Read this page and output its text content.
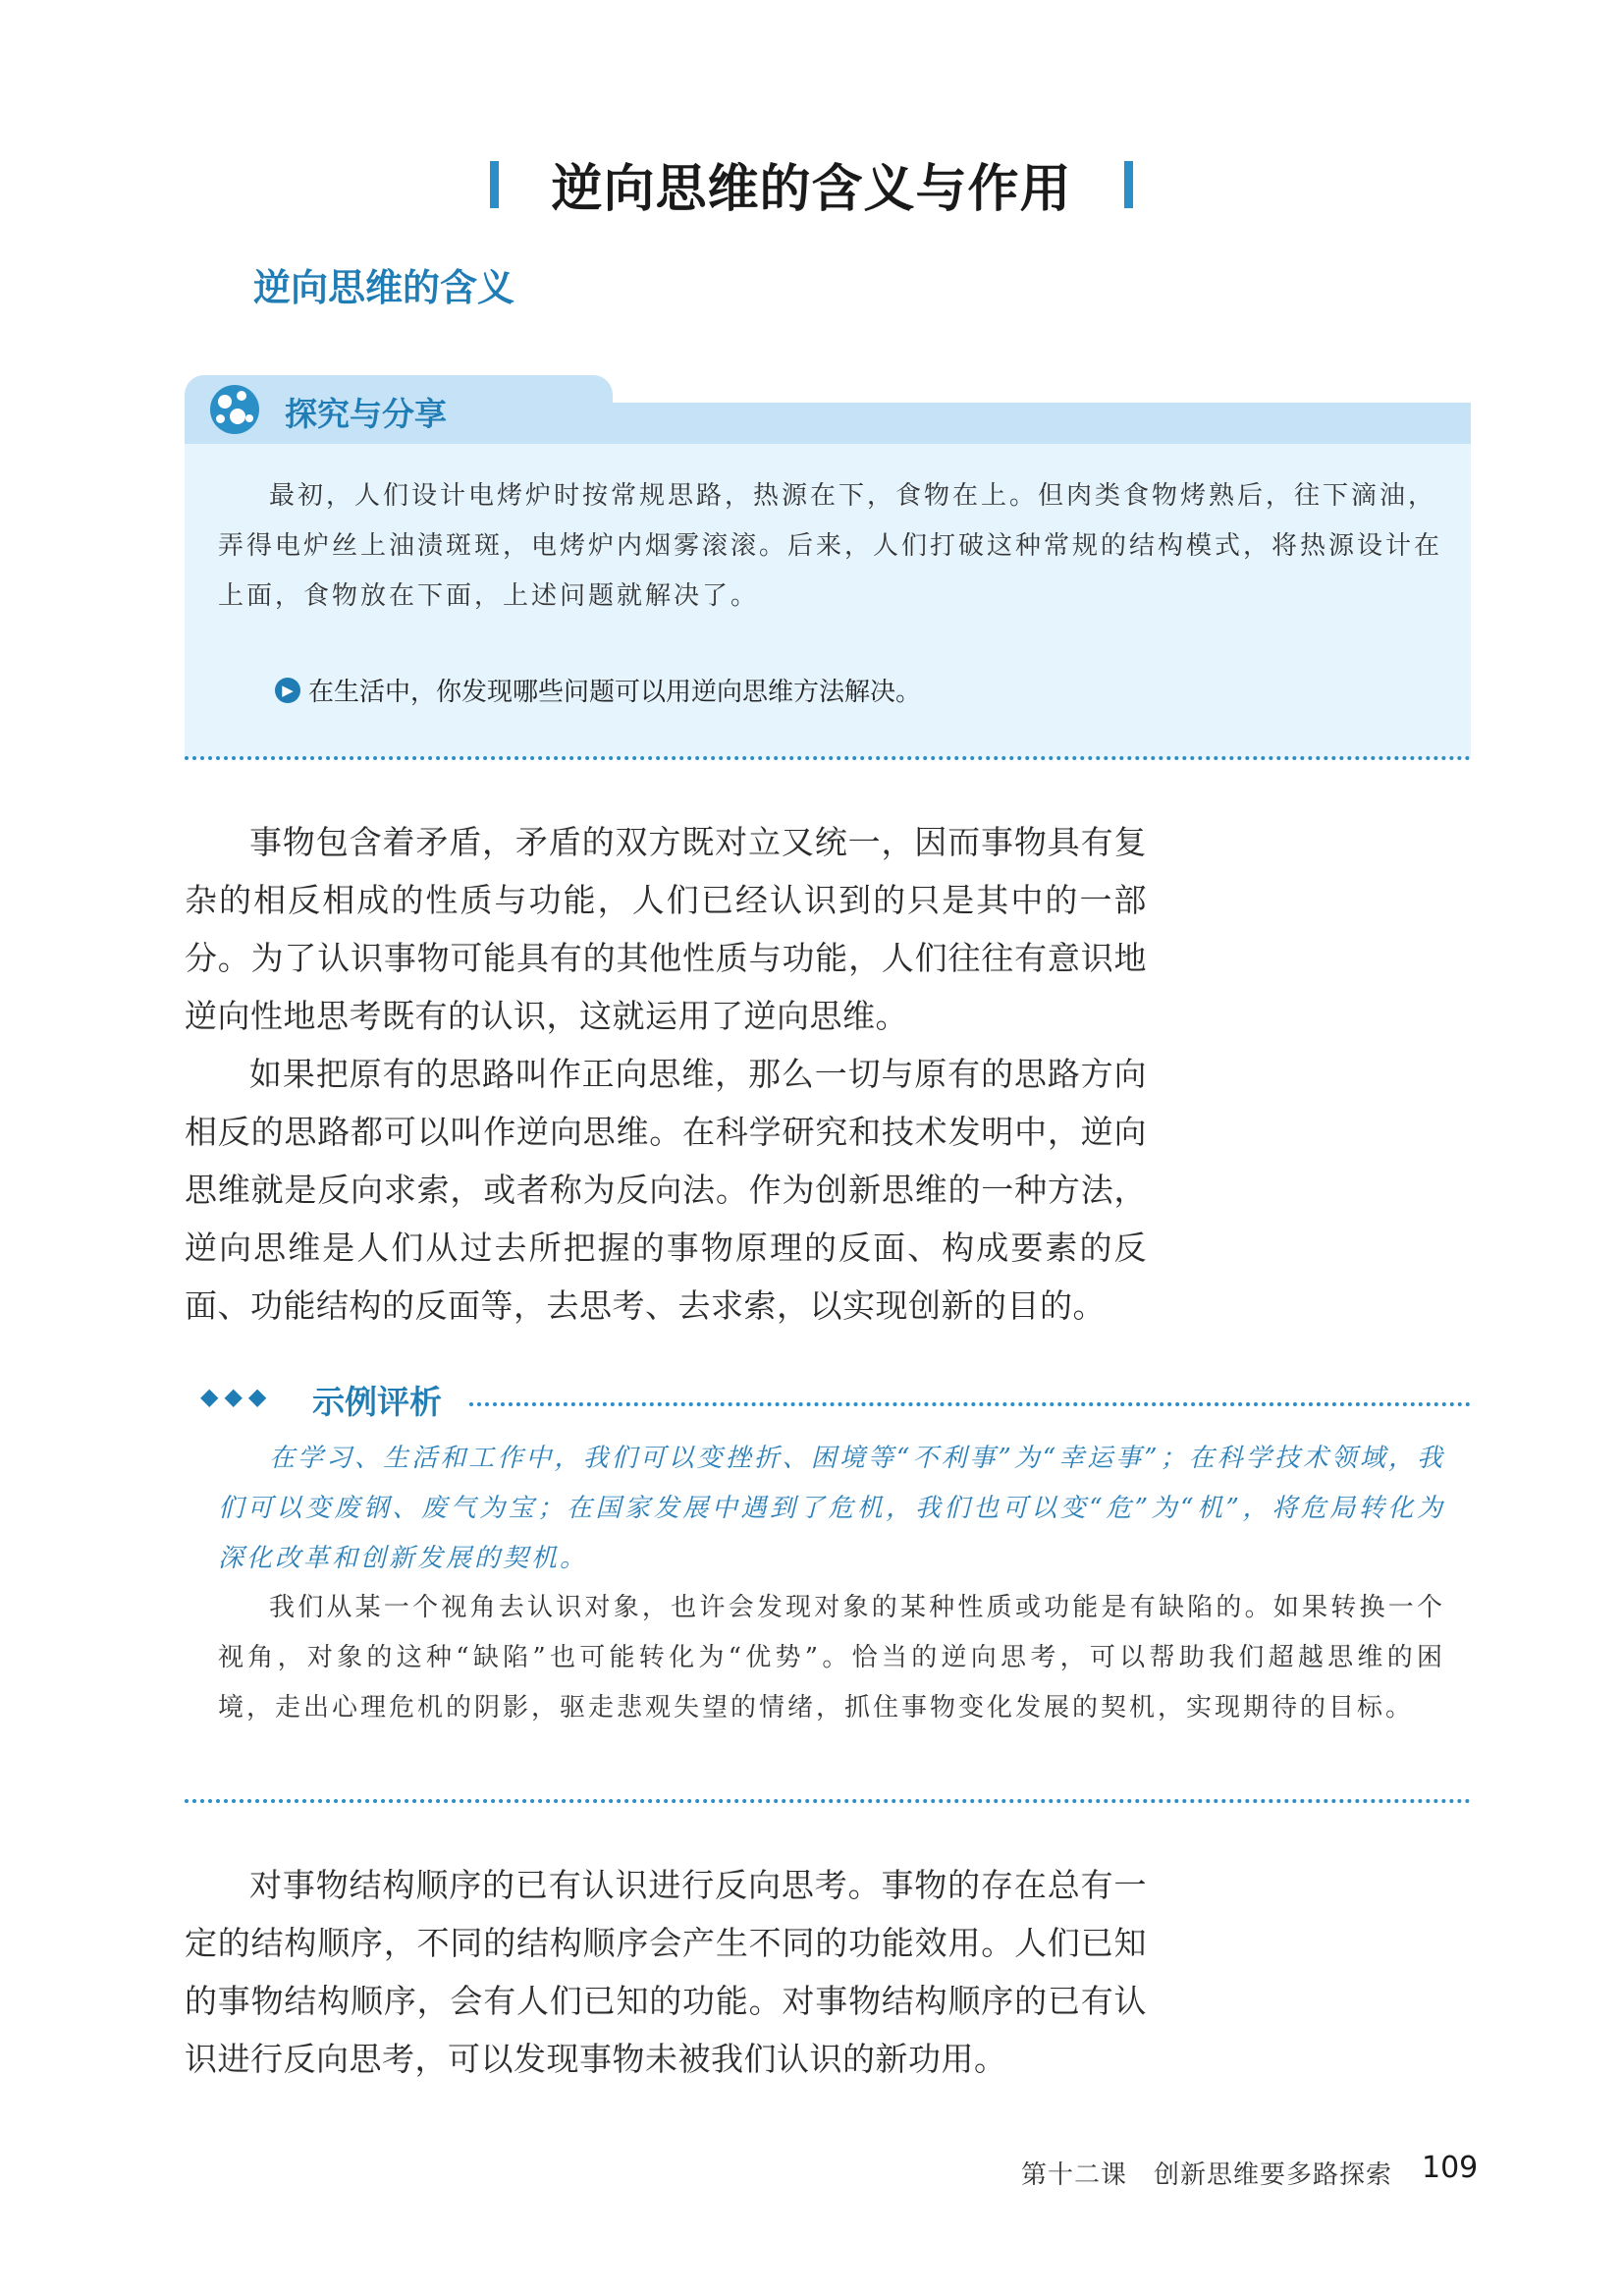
逆向思维的含义与作用
逆向思维的含义
探究与分享
最初，人们设计电烤炉时按常规思路，热源在下，食物在上。但肉类食物烤熟后，往下滴油，弄得电炉丝上油渍斑斑，电烤炉内烟雾滚滚。后来，人们打破这种常规的结构模式，将热源设计在上面，食物放在下面，上述问题就解决了。
▶ 在生活中，你发现哪些问题可以用逆向思维方法解决。
事物包含着矛盾，矛盾的双方既对立又统一，因而事物具有复杂的相反相成的性质与功能，人们已经认识到的只是其中的一部分。为了认识事物可能具有的其他性质与功能，人们往往有意识地逆向性地思考既有的认识，这就运用了逆向思维。
如果把原有的思路叫作正向思维，那么一切与原有的思路方向相反的思路都可以叫作逆向思维。在科学研究和技术发明中，逆向思维就是反向求索，或者称为反向法。作为创新思维的一种方法，逆向思维是人们从过去所把握的事物原理的反面、构成要素的反面、功能结构的反面等，去思考、去求索，以实现创新的目的。
◆◆◆ 示例评析
在学习、生活和工作中，我们可以变挫折、困境等“不利事”为“幸运事”；在科学技术领域，我们可以变废钢、废气为宝；在国家发展中遇到了危机，我们也可以变“危”为“机”，将危局转化为深化改革和创新发展的契机。
我们从某一个视角去认识对象，也许会发现对象的某种性质或功能是有缺陷的。如果转换一个视角，对象的这种“缺陷”也可能转化为“优势”。恰当的逆向思考，可以帮助我们超越思维的困境，走出心理危机的阴影，驱走悲观失望的情绪，抓住事物变化发展的契机，实现期待的目标。
对事物结构顺序的已有认识进行反向思考。事物的存在总有一定的结构顺序，不同的结构顺序会产生不同的功能效用。人们已知的事物结构顺序，会有人们已知的功能。对事物结构顺序的已有认识进行反向思考，可以发现事物未被我们认识的新功用。
第十二课　创新思维要多路探索 109
